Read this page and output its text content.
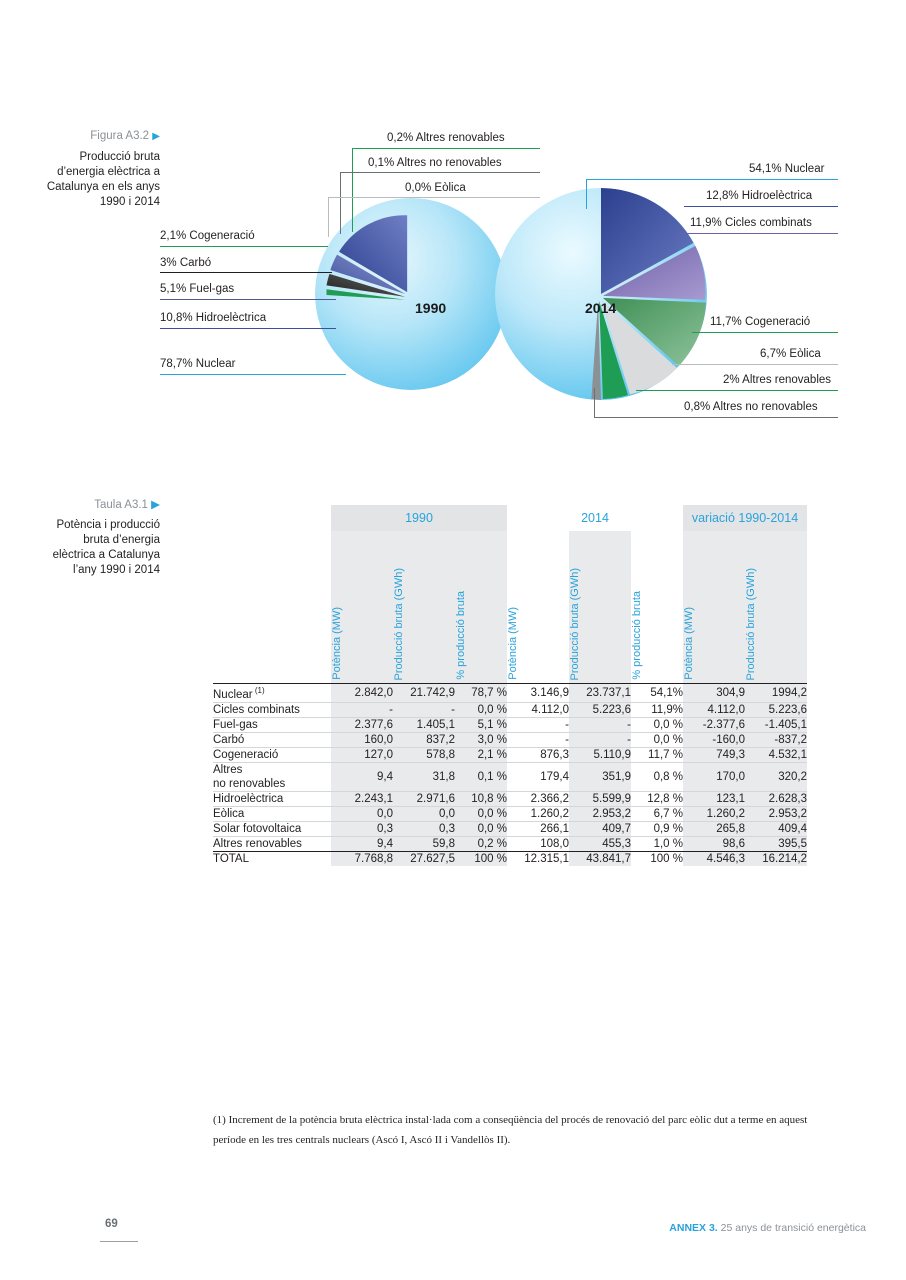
Figura A3.2 ▶
Producció bruta d’energia elèctrica a Catalunya en els anys 1990 i 2014
1990	2014
0,2% Altres renovables
0,1% Altres no renovables
0,0% Eòlica
2,1% Cogeneració
3% Carbó
5,1% Fuel-gas
10,8% Hidroelèctrica
78,7% Nuclear
54,1% Nuclear
12,8% Hidroelèctrica
11,9% Cicles combinats
11,7% Cogeneració
6,7% Eòlica
2% Altres renovables
0,8% Altres no renovables
Taula A3.1 ▶
Potència i producció bruta d’energia elèctrica a Catalunya l’any 1990 i 2014
	1990			2014			variació 1990-2014	
	Potència (MW)	Producció bruta (GWh)	% producció bruta	Potència (MW)	Producció bruta (GWh)	% producció bruta	Potència (MW)	Producció bruta (GWh)
Nuclear $^{(1)}$	2.842,0	21.742,9	78,7 %	3.146,9	23.737,1	54,1%	304,9	1994,2
Cicles combinats	-	-	0,0 %	4.112,0	5.223,6	11,9%	4.112,0	5.223,6
Fuel-gas	2.377,6	1.405,1	5,1 %	-	-	0,0 %	-2.377,6	-1.405,1
Carbó	160,0	837,2	3,0 %	-	-	0,0 %	-160,0	-837,2
Cogeneració	127,0	578,8	2,1 %	876,3	5.110,9	11,7 %	749,3	4.532,1
Altres
no renovables	9,4	31,8	0,1 %	179,4	351,9	0,8 %	170,0	320,2
Hidroelèctrica	2.243,1	2.971,6	10,8 %	2.366,2	5.599,9	12,8 %	123,1	2.628,3
Eòlica	0,0	0,0	0,0 %	1.260,2	2.953,2	6,7 %	1.260,2	2.953,2
Solar fotovoltaica	0,3	0,3	0,0 %	266,1	409,7	0,9 %	265,8	409,4
Altres renovables	9,4	59,8	0,2 %	108,0	455,3	1,0 %	98,6	395,5
TOTAL	7.768,8	27.627,5	100 %	12.315,1	43.841,7	100 %	4.546,3	16.214,2
(1) Increment de la potència bruta elèctrica instal·lada com a conseqüència del procés de renovació del parc eòlic dut a terme en aquest període en les tres centrals nuclears (Ascó I, Ascó II i Vandellòs II).
69	ANNEX 3. 25 anys de transició energètica
